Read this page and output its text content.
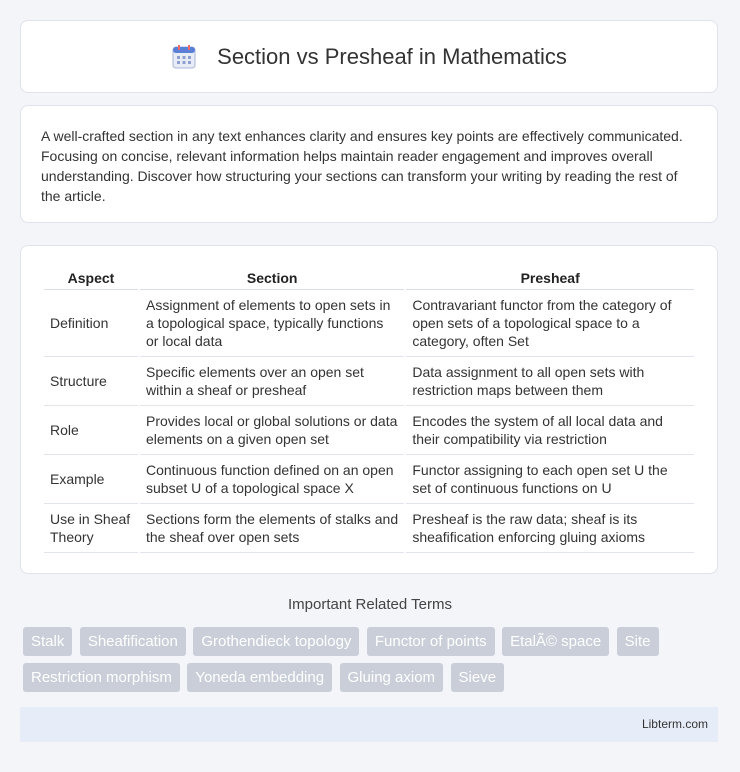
Section vs Presheaf in Mathematics

A well-crafted section in any text enhances clarity and ensures key points are effectively communicated. Focusing on concise, relevant information helps maintain reader engagement and improves overall understanding. Discover how structuring your sections can transform your writing by reading the rest of the article.

Aspect	Section	Presheaf
Definition	Assignment of elements to open sets in a topological space, typically functions or local data	Contravariant functor from the category of open sets of a topological space to a category, often Set
Structure	Specific elements over an open set within a sheaf or presheaf	Data assignment to all open sets with restriction maps between them
Role	Provides local or global solutions or data elements on a given open set	Encodes the system of all local data and their compatibility via restriction
Example	Continuous function defined on an open subset U of a topological space X	Functor assigning to each open set U the set of continuous functions on U
Use in Sheaf Theory	Sections form the elements of stalks and the sheaf over open sets	Presheaf is the raw data; sheaf is its sheafification enforcing gluing axioms
Important Related Terms
Stalk Sheafification Grothendieck topology Functor of points EtalÃ© space Site Restriction morphism Yoneda embedding Gluing axiom Sieve
Libterm.com
